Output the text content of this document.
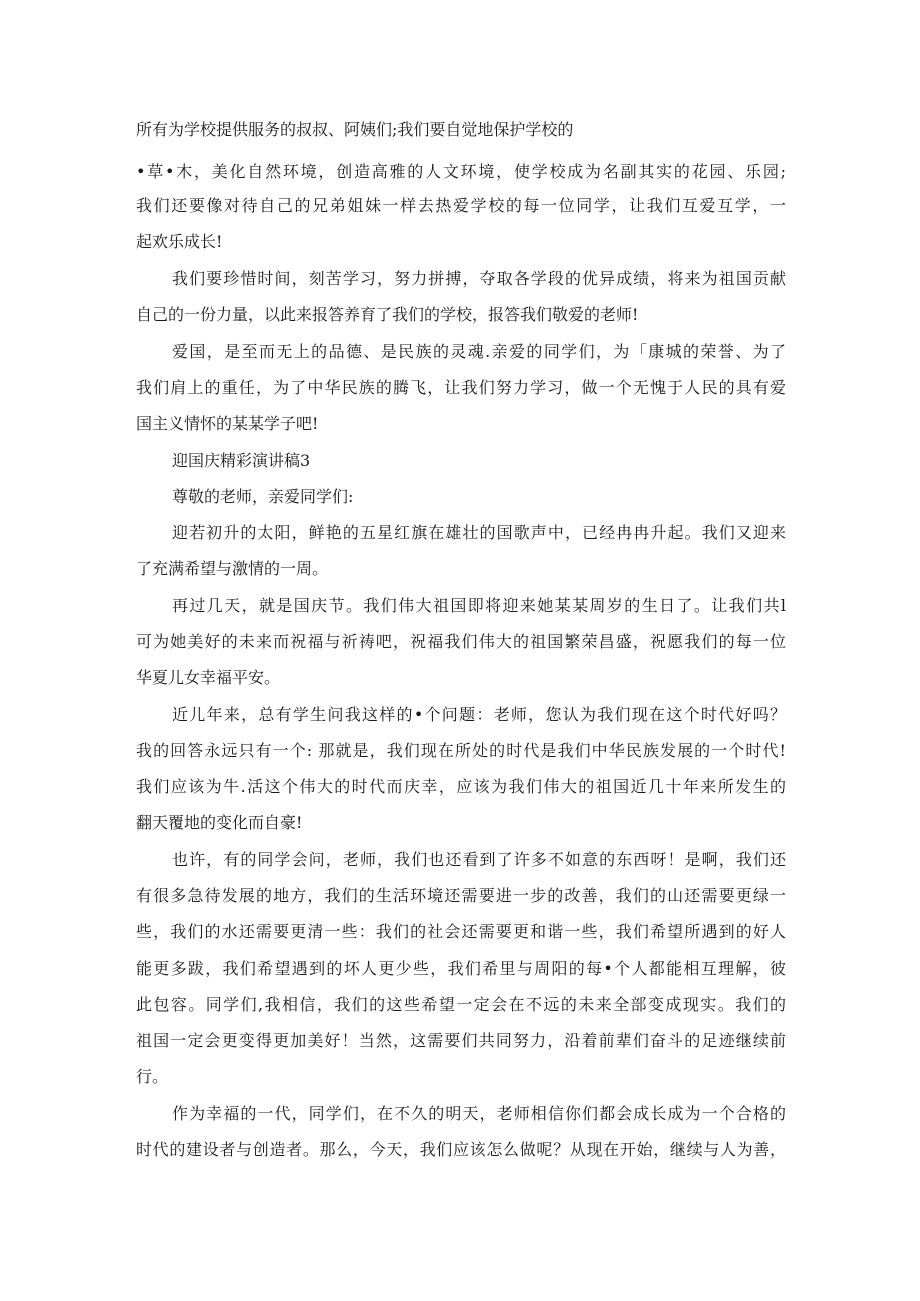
所有为学校提供服务的叔叔、阿姨们;我们要自觉地保护学校的
•草•木，美化自然环境，创造高雅的人文环境，使学校成为名副其实的花园、乐园;
我们还要像对待自己的兄弟姐妹一样去热爱学校的每一位同学，让我们互爱互学，一
起欢乐成长!
我们要珍惜时间，刻苦学习，努力拼搏，夺取各学段的优异成绩，将来为祖国贡献
自己的一份力量，以此来报答养育了我们的学校，报答我们敬爱的老师!
爱国，是至而无上的品德、是民族的灵魂.亲爱的同学们，为「康城的荣誉、为了
我们肩上的重任，为了中华民族的腾飞，让我们努力学习，做一个无愧于人民的具有爱
国主义情怀的某某学子吧!
迎国庆精彩演讲稿3
尊敬的老师，亲爱同学们:
迎若初升的太阳，鲜艳的五星红旗在雄壮的国歌声中，已经冉冉升起。我们又迎来
了充满希望与激情的一周。
再过几天，就是国庆节。我们伟大祖国即将迎来她某某周岁的生日了。让我们共l
可为她美好的未来而祝福与祈祷吧，祝福我们伟大的祖国繁荣昌盛，祝愿我们的每一位
华夏儿女幸福平安。
近儿年来，总有学生问我这样的•个问题：老师，您认为我们现在这个时代好吗？
我的回答永远只有一个: 那就是，我们现在所处的时代是我们中华民族发展的一个时代!
我们应该为牛.活这个伟大的时代而庆幸，应该为我们伟大的祖国近几十年来所发生的
翻天覆地的变化而自豪!
也许，有的同学会问，老师，我们也还看到了许多不如意的东西呀！是啊，我们还
有很多急待发展的地方，我们的生活环境还需要进一步的改善，我们的山还需要更绿一
些，我们的水还需要更清一些：我们的社会还需要更和谐一些，我们希望所遇到的好人
能更多跋，我们希望遇到的坏人更少些，我们希里与周阳的每•个人都能相互理解，彼
此包容。同学们,我相信，我们的这些希望一定会在不远的未来全部变成现实。我们的
祖国一定会更变得更加美好！当然，这需要们共同努力，沿着前辈们奋斗的足迹继续前
行。
作为幸福的一代，同学们，在不久的明天，老师相信你们都会成长成为一个合格的
时代的建设者与创造者。那么，今天，我们应该怎么做呢？从现在开始，继续与人为善，
